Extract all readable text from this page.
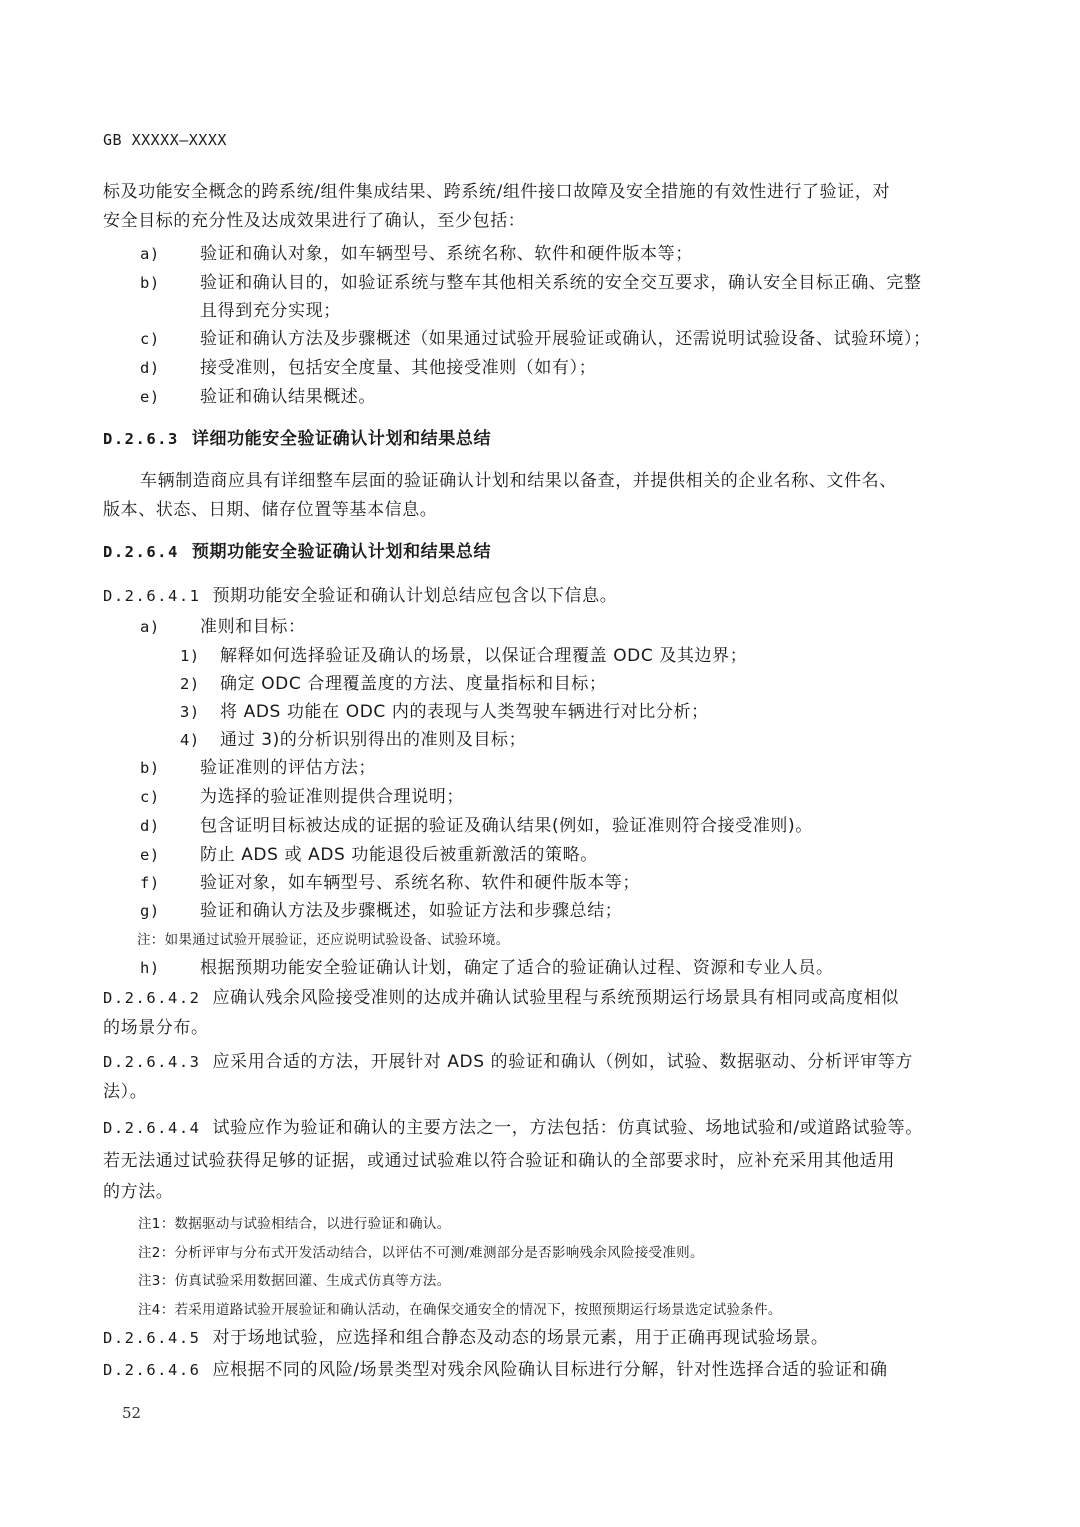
GB XXXXX—XXXX
标及功能安全概念的跨系统/组件集成结果、跨系统/组件接口故障及安全措施的有效性进行了验证，对
安全目标的充分性及达成效果进行了确认，至少包括：
a) 验证和确认对象，如车辆型号、系统名称、软件和硬件版本等；
b) 验证和确认目的，如验证系统与整车其他相关系统的安全交互要求，确认安全目标正确、完整
且得到充分实现；
c) 验证和确认方法及步骤概述（如果通过试验开展验证或确认，还需说明试验设备、试验环境）；
d) 接受准则，包括安全度量、其他接受准则（如有）；
e) 验证和确认结果概述。
D.2.6.3 详细功能安全验证确认计划和结果总结
车辆制造商应具有详细整车层面的验证确认计划和结果以备查，并提供相关的企业名称、文件名、
版本、状态、日期、储存位置等基本信息。
D.2.6.4 预期功能安全验证确认计划和结果总结
D.2.6.4.1 预期功能安全验证和确认计划总结应包含以下信息。
a) 准则和目标：
1) 解释如何选择验证及确认的场景，以保证合理覆盖 ODC 及其边界；
2) 确定 ODC 合理覆盖度的方法、度量指标和目标；
3) 将 ADS 功能在 ODC 内的表现与人类驾驶车辆进行对比分析；
4) 通过 3)的分析识别得出的准则及目标；
b) 验证准则的评估方法；
c) 为选择的验证准则提供合理说明；
d) 包含证明目标被达成的证据的验证及确认结果(例如，验证准则符合接受准则)。
e) 防止 ADS 或 ADS 功能退役后被重新激活的策略。
f) 验证对象，如车辆型号、系统名称、软件和硬件版本等；
g) 验证和确认方法及步骤概述，如验证方法和步骤总结；
注：如果通过试验开展验证，还应说明试验设备、试验环境。
h) 根据预期功能安全验证确认计划，确定了适合的验证确认过程、资源和专业人员。
D.2.6.4.2 应确认残余风险接受准则的达成并确认试验里程与系统预期运行场景具有相同或高度相似
的场景分布。
D.2.6.4.3 应采用合适的方法，开展针对 ADS 的验证和确认（例如，试验、数据驱动、分析评审等方
法）。
D.2.6.4.4 试验应作为验证和确认的主要方法之一，方法包括：仿真试验、场地试验和/或道路试验等。
若无法通过试验获得足够的证据，或通过试验难以符合验证和确认的全部要求时，应补充采用其他适用
的方法。
注1：数据驱动与试验相结合，以进行验证和确认。
注2：分析评审与分布式开发活动结合，以评估不可测/难测部分是否影响残余风险接受准则。
注3：仿真试验采用数据回灌、生成式仿真等方法。
注4：若采用道路试验开展验证和确认活动，在确保交通安全的情况下，按照预期运行场景选定试验条件。
D.2.6.4.5 对于场地试验，应选择和组合静态及动态的场景元素，用于正确再现试验场景。
D.2.6.4.6 应根据不同的风险/场景类型对残余风险确认目标进行分解，针对性选择合适的验证和确
52
